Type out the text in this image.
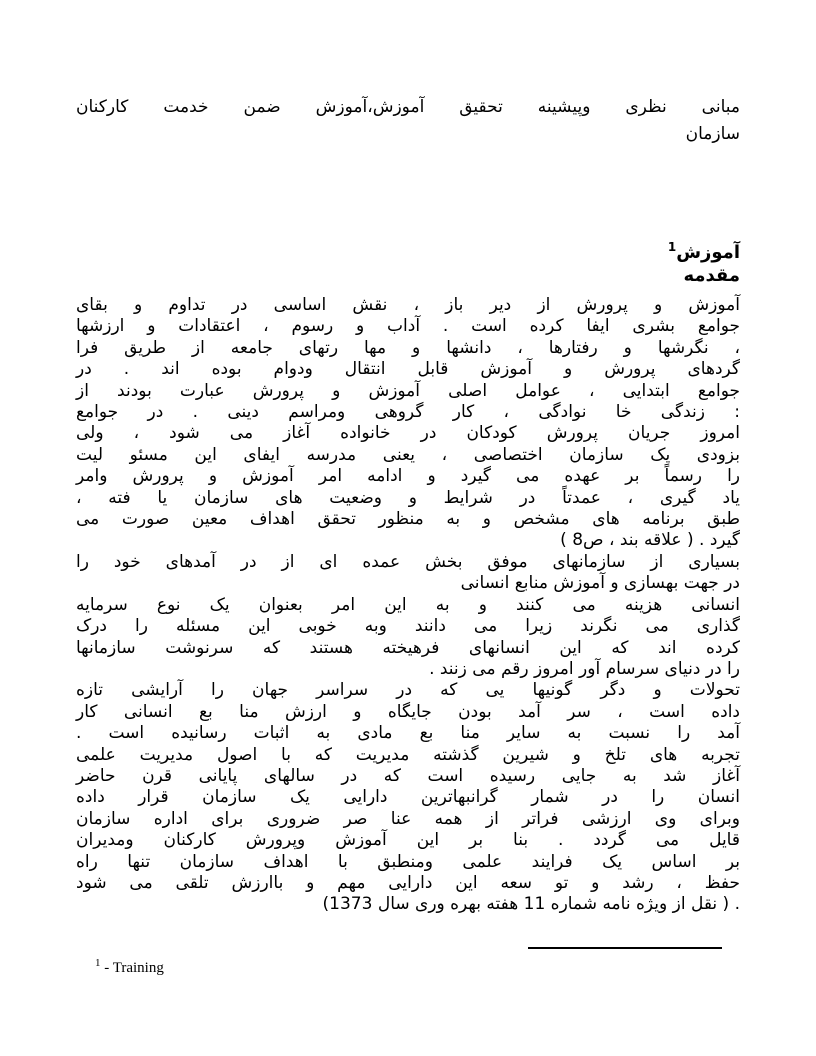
مبانی نظری وپیشینه تحقیق آموزش،آموزش ضمن خدمت کارکنان
سازمان
آموزش$^1$
مقدمه
آموزش و پرورش از دیر باز ، نقش اساسی در تداوم و بقای
جوامع بشری ایفا کرده است . آداب و رسوم ، اعتقادات و ارزشها
، نگرشها و رفتارها ، دانشها و مها رتهای جامعه از طریق فرا
گردهای پرورش و آموزش قابل انتقال ودوام بوده اند . در
جوامع ابتدایی ، عوامل اصلی آموزش و پرورش عبارت بودند از
: زندگی خا نوادگی ، کار گروهی ومراسم دینی . در جوامع
امروز جریان پرورش کودکان در خانواده آغاز می شود ، ولی
بزودی یک سازمان اختصاصی ، یعنی مدرسه ایفای این مسئو لیت
را رسماً بر عهده می گیرد و ادامه امر آموزش و پرورش وامر
یاد گیری ، عمدتاً در شرایط و وضعیت های سازمان یا فته ،
طبق برنامه های مشخص و به منظور تحقق اهداف معین صورت می
گیرد . ( علاقه بند ، ص8 )
بسیاری از سازمانهای موفق بخش عمده ای از در آمدهای خود را
در جهت بهسازی و آموزش منابع انسانی
انسانی هزینه می کنند و به این امر بعنوان یک نوع سرمایه
گذاری می نگرند زیرا می دانند وبه خوبی این مسئله را درک
کرده اند که این انسانهای فرهیخته هستند که سرنوشت سازمانها
را در دنیای سرسام آور امروز رقم می زنند .
تحولات و دگر گونیها یی که در سراسر جهان را آرایشی تازه
داده است ، سر آمد بودن جایگاه و ارزش منا بع انسانی کار
آمد را نسبت به سایر منا بع مادی به اثبات رسانیده است .
تجربه های تلخ و شیرین گذشته مدیریت که با اصول مدیریت علمی
آغاز شد به جایی رسیده است که در سالهای پایانی قرن حاضر
انسان را در شمار گرانبهاترین دارایی یک سازمان قرار داده
وبرای وی ارزشی فراتر از همه عنا صر ضروری برای اداره سازمان
قایل می گردد . بنا بر این آموزش وپرورش کارکنان ومدیران
بر اساس یک فرایند علمی ومنطبق با اهداف سازمان تنها راه
حفظ ، رشد و تو سعه این دارایی مهم و باارزش تلقی می شود
. ( نقل از ویژه نامه شماره 11 هفته بهره وری سال 1373)
$^1$ - Training
